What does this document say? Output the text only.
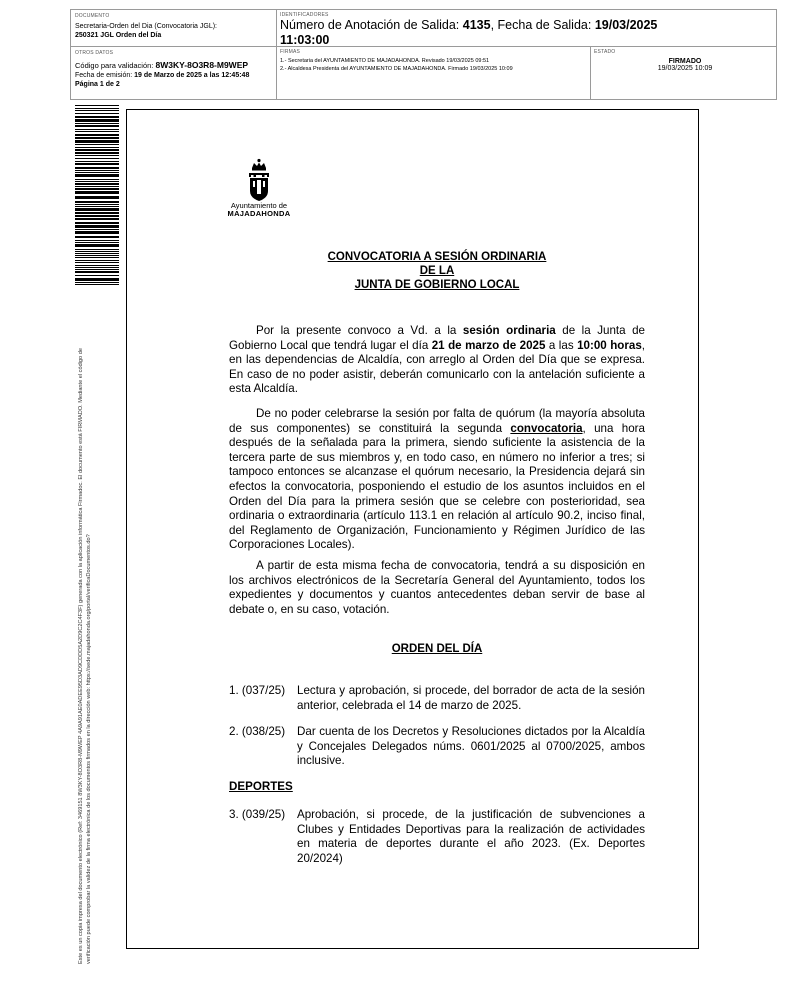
DOCUMENTO
Secretaria-Orden del Dia (Convocatoria JGL):
250321 JGL Orden del Día
IDENTIFICADORES
Número de Anotación de Salida: 4135, Fecha de Salida: 19/03/2025
11:03:00
OTROS DATOS
Código para validación: 8W3KY-8O3R8-M9WEP
Fecha de emisión: 19 de Marzo de 2025 a las 12:45:48
Página 1 de 2
FIRMAS
1.- Secretaria del AYUNTAMIENTO DE MAJADAHONDA. Revisado 19/03/2025 09:51
2.- Alcaldesa Presidenta del AYUNTAMIENTO DE MAJADAHONDA. Firmado 19/03/2025 10:09
ESTADO
FIRMADO
19/03/2025 10:09
Este es un copia impresa del documento electrónico (Ref: 3469151 8W3KY-8O3R8-M9WEP 4A9A91AE0ADEE95D3AD9CDDD5A2D9C2C4F3F) generada con la aplicación informática Firmadoc. El documento está FIRMADO. Mediante el código de verificación puede comprobar la validez de la firma electrónica de los documentos firmados en la dirección web: https://sede.majadahonda.org/portal/verificaDocumentos.do?
Ayuntamiento de
MAJADAHONDA
CONVOCATORIA A SESIÓN ORDINARIA
DE LA
JUNTA DE GOBIERNO LOCAL
Por la presente convoco a Vd. a la sesión ordinaria de la Junta de Gobierno Local que tendrá lugar el día 21 de marzo de 2025 a las 10:00 horas, en las dependencias de Alcaldía, con arreglo al Orden del Día que se expresa. En caso de no poder asistir, deberán comunicarlo con la antelación suficiente a esta Alcaldía.
De no poder celebrarse la sesión por falta de quórum (la mayoría absoluta de sus componentes) se constituirá la segunda convocatoria, una hora después de la señalada para la primera, siendo suficiente la asistencia de la tercera parte de sus miembros y, en todo caso, en número no inferior a tres; si tampoco entonces se alcanzase el quórum necesario, la Presidencia dejará sin efectos la convocatoria, posponiendo el estudio de los asuntos incluidos en el Orden del Día para la primera sesión que se celebre con posterioridad, sea ordinaria o extraordinaria (artículo 113.1 en relación al artículo 90.2, inciso final, del Reglamento de Organización, Funcionamiento y Régimen Jurídico de las Corporaciones Locales).
A partir de esta misma fecha de convocatoria, tendrá a su disposición en los archivos electrónicos de la Secretaría General del Ayuntamiento, todos los expedientes y documentos y cuantos antecedentes deban servir de base al debate o, en su caso, votación.
ORDEN DEL DÍA
1. (037/25)	Lectura y aprobación, si procede, del borrador de acta de la sesión anterior, celebrada el 14 de marzo de 2025.
2. (038/25)	Dar cuenta de los Decretos y Resoluciones dictados por la Alcaldía y Concejales Delegados núms. 0601/2025 al 0700/2025, ambos inclusive.
DEPORTES
3. (039/25)	Aprobación, si procede, de la justificación de subvenciones a Clubes y Entidades Deportivas para la realización de actividades en materia de deportes durante el año 2023. (Ex. Deportes 20/2024)
